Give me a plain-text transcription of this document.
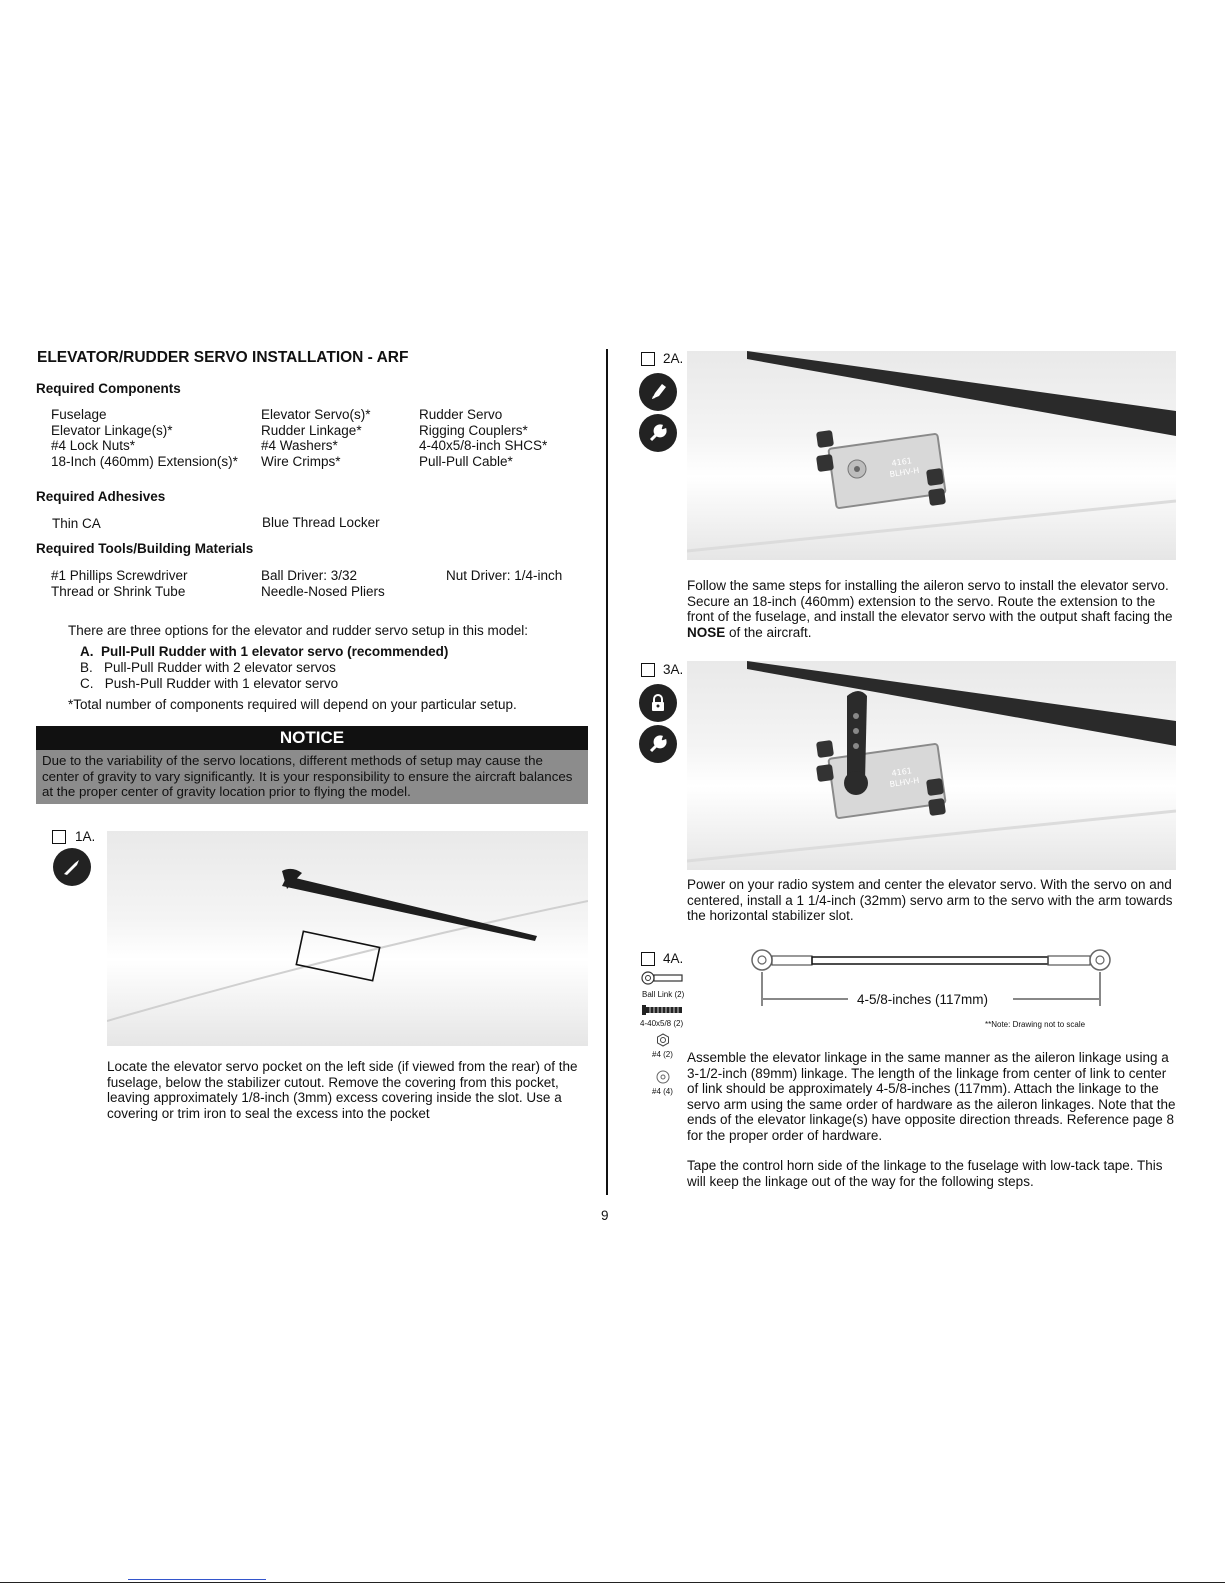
ELEVATOR/RUDDER SERVO INSTALLATION - ARF
Required Components
Fuselage
Elevator Linkage(s)*
#4 Lock Nuts*
18-Inch (460mm) Extension(s)*
Elevator Servo(s)*
Rudder Linkage*
#4 Washers*
Wire Crimps*
Rudder Servo
Rigging Couplers*
4-40x5/8-inch SHCS*
Pull-Pull Cable*
Required Adhesives
Thin CA	Blue Thread Locker
Required Tools/Building Materials
#1 Phillips Screwdriver
Thread or Shrink Tube
Ball Driver: 3/32
Needle-Nosed Pliers
Nut Driver: 1/4-inch
There are three options for the elevator and rudder servo setup in this model:
A. Pull-Pull Rudder with 1 elevator servo (recommended)
B. Pull-Pull Rudder with 2 elevator servos
C. Push-Pull Rudder with 1 elevator servo
*Total number of components required will depend on your particular setup.
NOTICE
Due to the variability of the servo locations, different methods of setup may cause the center of gravity to vary significantly. It is your responsibility to ensure the aircraft balances at the proper center of gravity location prior to flying the model.
1A.
Locate the elevator servo pocket on the left side (if viewed from the rear) of the fuselage, below the stabilizer cutout. Remove the covering from this pocket, leaving approximately 1/8-inch (3mm) excess covering inside the slot. Use a covering or trim iron to seal the excess into the pocket
2A.
4161
BLHV-H
Follow the same steps for installing the aileron servo to install the elevator servo. Secure an 18-inch (460mm) extension to the servo. Route the extension to the front of the fuselage, and install the elevator servo with the output shaft facing the NOSE of the aircraft.
3A.
4161
BLHV-H
Power on your radio system and center the elevator servo. With the servo on and centered, install a 1 1/4-inch (32mm) servo arm to the servo with the arm towards the horizontal stabilizer slot.
4A.
Ball Link (2)
4-40x5/8 (2)
#4 (2)
#4 (4)
4-5/8-inches (117mm)
**Note: Drawing not to scale
Assemble the elevator linkage in the same manner as the aileron linkage using a 3-1/2-inch (89mm) linkage. The length of the linkage from center of link to center of link should be approximately 4-5/8-inches (117mm). Attach the linkage to the servo arm using the same order of hardware as the aileron linkages. Note that the ends of the elevator linkage(s) have opposite direction threads. Reference page 8 for the proper order of hardware.
Tape the control horn side of the linkage to the fuselage with low-tack tape. This will keep the linkage out of the way for the following steps.
9
